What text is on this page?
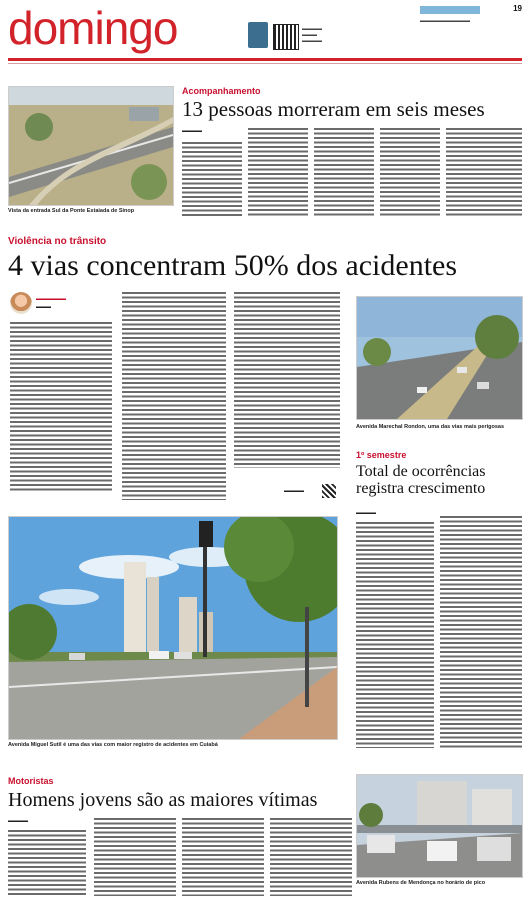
domingo	▬▬▬▬
▬▬▬
▬▬▬▬
▬▬▬▬▬▬▬▬▬▬
19
Vista da entrada Sul da Ponte Estaiada de Sinop
Acompanhamento
13 pessoas morreram em seis meses
▬▬▬▬
Violência no trânsito
4 vias concentram 50% dos acidentes
▬▬▬▬▬▬
▬▬▬
▬▬▬▬
Avenida Marechal Rondon, uma das vias mais perigosas
1º semestre
Total de ocorrências registra crescimento
▬▬▬▬
Avenida Miguel Sutil é uma das vias com maior registro de acidentes em Cuiabá
Motoristas
Homens jovens são as maiores vítimas
▬▬▬▬
Avenida Rubens de Mendonça no horário de pico
